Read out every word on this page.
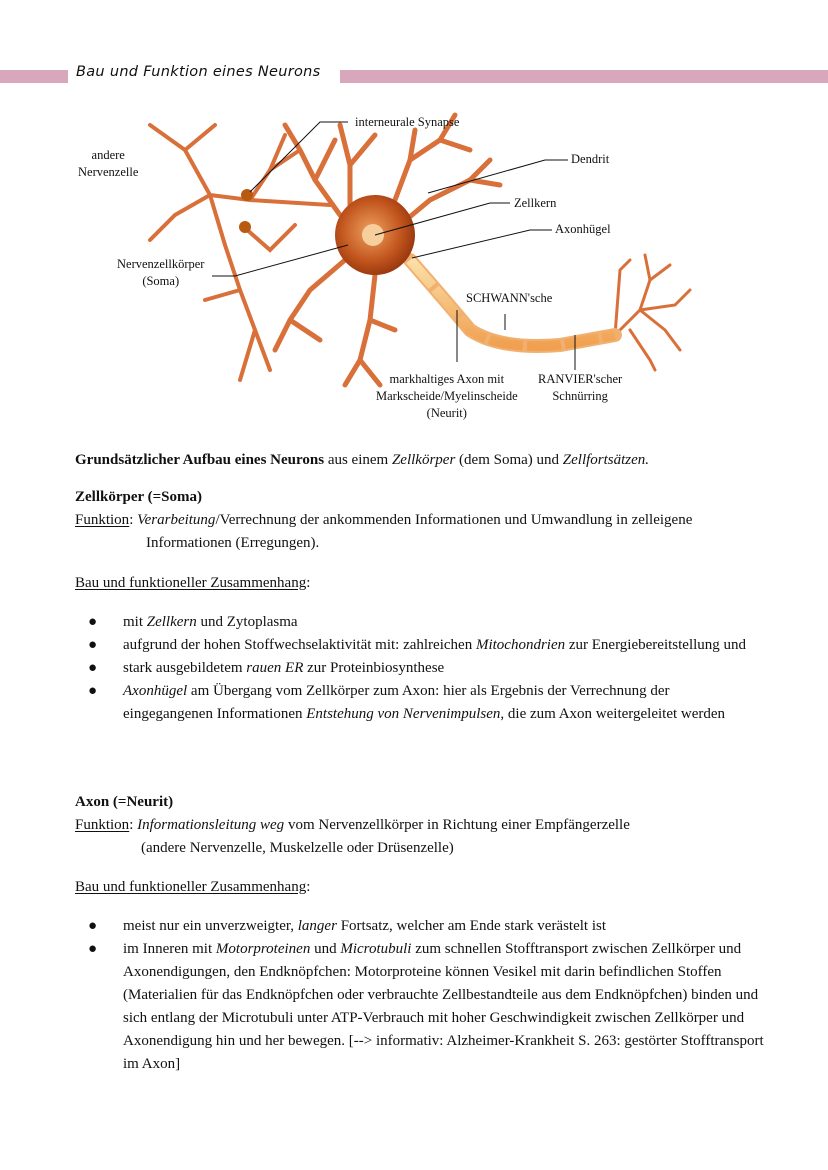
Bau und Funktion eines Neurons
andere
Nervenzelle
interneurale Synapse
Dendrit
Zellkern
Axonhügel
Nervenzellkörper
(Soma)
SCHWANN'sche
markhaltiges Axon mit
Markscheide/Myelinscheide
(Neurit)
RANVIER'scher
Schnürring
Grundsätzlicher Aufbau eines Neurons aus einem Zellkörper (dem Soma) und Zellfortsätzen.
Zellkörper (=Soma)
Funktion: Verarbeitung/Verrechnung der ankommenden Informationen und Umwandlung in zelleigene
Informationen (Erregungen).
Bau und funktioneller Zusammenhang:
● mit Zellkern und Zytoplasma
● aufgrund der hohen Stoffwechselaktivität mit: zahlreichen Mitochondrien zur Energiebereitstellung und
● stark ausgebildetem rauen ER zur Proteinbiosynthese
● Axonhügel am Übergang vom Zellkörper zum Axon: hier als Ergebnis der Verrechnung der eingegangenen Informationen Entstehung von Nervenimpulsen, die zum Axon weitergeleitet werden
Axon (=Neurit)
Funktion: Informationsleitung weg vom Nervenzellkörper in Richtung einer Empfängerzelle
(andere Nervenzelle, Muskelzelle oder Drüsenzelle)
Bau und funktioneller Zusammenhang:
● meist nur ein unverzweigter, langer Fortsatz, welcher am Ende stark verästelt ist
● im Inneren mit Motorproteinen und Microtubuli zum schnellen Stofftransport zwischen Zellkörper und Axonendigungen, den Endknöpfchen: Motorproteine können Vesikel mit darin befindlichen Stoffen (Materialien für das Endknöpfchen oder verbrauchte Zellbestandteile aus dem Endknöpfchen) binden und sich entlang der Microtubuli unter ATP-Verbrauch mit hoher Geschwindigkeit zwischen Zellkörper und Axonendigung hin und her bewegen. [--> informativ: Alzheimer-Krankheit S. 263: gestörter Stofftransport im Axon]
